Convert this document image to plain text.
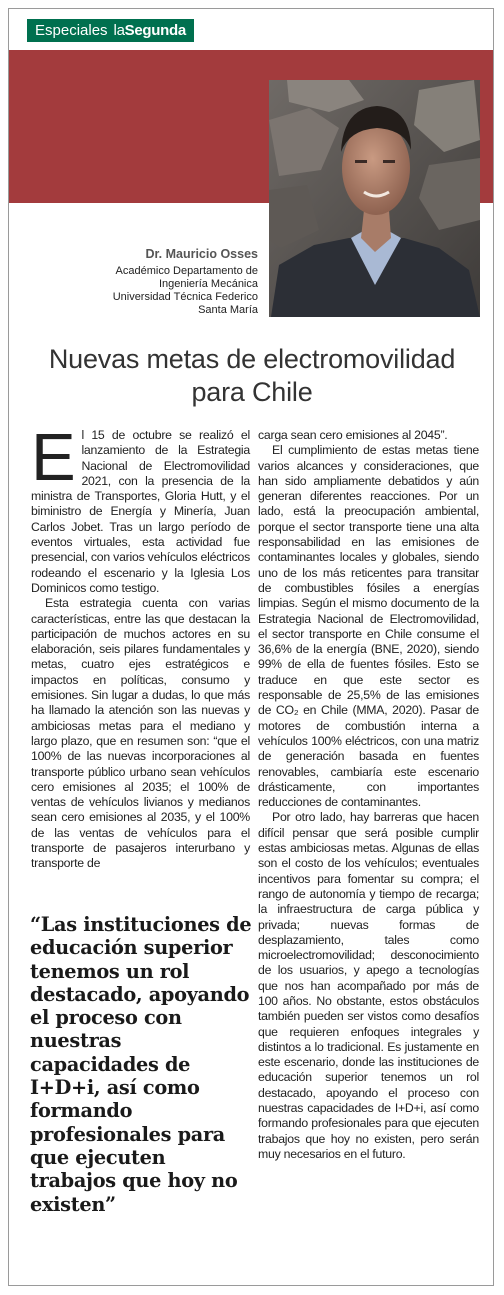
Especiales laSegunda
Dr. Mauricio Osses
Académico Departamento de
Ingeniería Mecánica
Universidad Técnica Federico
Santa María
Nuevas metas de electromovilidad
para Chile

El 15 de octubre se realizó el lanzamiento de la Estrategia Nacional de Electromovilidad 2021, con la presencia de la ministra de Transportes, Gloria Hutt, y el biministro de Energía y Minería, Juan Carlos Jobet. Tras un largo período de eventos virtuales, esta actividad fue presencial, con varios vehículos eléctricos rodeando el escenario y la Iglesia Los Dominicos como testigo.

Esta estrategia cuenta con varias características, entre las que destacan la participación de muchos actores en su elaboración, seis pilares fundamentales y metas, cuatro ejes estratégicos e impactos en políticas, consumo y emisiones. Sin lugar a dudas, lo que más ha llamado la atención son las nuevas y ambiciosas metas para el mediano y largo plazo, que en resumen son: “que el 100% de las nuevas incorporaciones al transporte público urbano sean vehículos cero emisiones al 2035; el 100% de ventas de vehículos livianos y medianos sean cero emisiones al 2035, y el 100% de las ventas de vehículos para el transporte de pasajeros interurbano y transporte de

“Las instituciones de educación superior tenemos un rol destacado, apoyando el proceso con nuestras capacidades de I+D+i, así como formando profesionales para que ejecuten trabajos que hoy no existen”

carga sean cero emisiones al 2045”.

El cumplimiento de estas metas tiene varios alcances y consideraciones, que han sido ampliamente debatidos y aún generan diferentes reacciones. Por un lado, está la preocupación ambiental, porque el sector transporte tiene una alta responsabilidad en las emisiones de contaminantes locales y globales, siendo uno de los más reticentes para transitar de combustibles fósiles a energías limpias. Según el mismo documento de la Estrategia Nacional de Electromovilidad, el sector transporte en Chile consume el 36,6% de la energía (BNE, 2020), siendo 99% de ella de fuentes fósiles. Esto se traduce en que este sector es responsable de 25,5% de las emisiones de CO₂ en Chile (MMA, 2020). Pasar de motores de combustión interna a vehículos 100% eléctricos, con una matriz de generación basada en fuentes renovables, cambiaría este escenario drásticamente, con importantes reducciones de contaminantes.

Por otro lado, hay barreras que hacen difícil pensar que será posible cumplir estas ambiciosas metas. Algunas de ellas son el costo de los vehículos; eventuales incentivos para fomentar su compra; el rango de autonomía y tiempo de recarga; la infraestructura de carga pública y privada; nuevas formas de desplazamiento, tales como microelectromovilidad; desconocimiento de los usuarios, y apego a tecnologías que nos han acompañado por más de 100 años. No obstante, estos obstáculos también pueden ser vistos como desafíos que requieren enfoques integrales y distintos a lo tradicional. Es justamente en este escenario, donde las instituciones de educación superior tenemos un rol destacado, apoyando el proceso con nuestras capacidades de I+D+i, así como formando profesionales para que ejecuten trabajos que hoy no existen, pero serán muy necesarios en el futuro.
